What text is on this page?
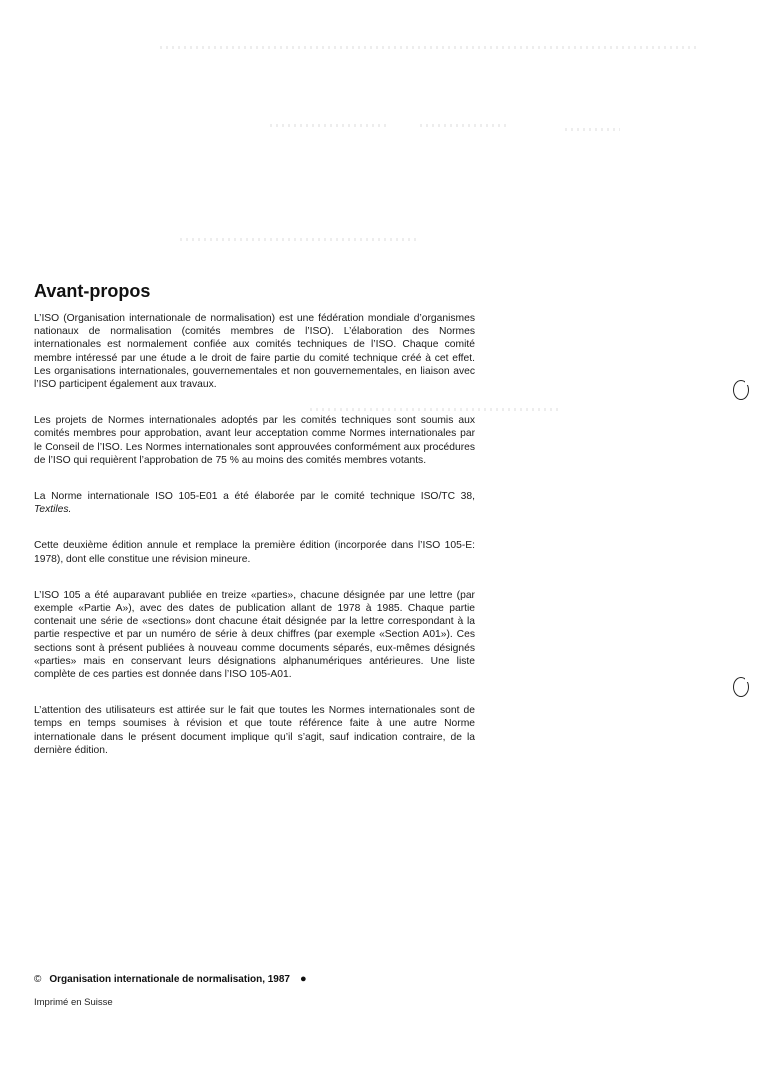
Avant-propos

L’ISO (Organisation internationale de normalisation) est une fédération mondiale d’organismes nationaux de normalisation (comités membres de l’ISO). L’élaboration des Normes internationales est normalement confiée aux comités techniques de l’ISO. Chaque comité membre intéressé par une étude a le droit de faire partie du comité technique créé à cet effet. Les organisations internationales, gouvernementales et non gouvernementales, en liaison avec l’ISO participent également aux travaux.

Les projets de Normes internationales adoptés par les comités techniques sont soumis aux comités membres pour approbation, avant leur acceptation comme Normes internationales par le Conseil de l’ISO. Les Normes internationales sont approuvées conformément aux procédures de l’ISO qui requièrent l’approbation de 75 % au moins des comités membres votants.

La Norme internationale ISO 105-E01 a été élaborée par le comité technique ISO/TC 38, Textiles.

Cette deuxième édition annule et remplace la première édition (incorporée dans l’ISO 105-E: 1978), dont elle constitue une révision mineure.

L’ISO 105 a été auparavant publiée en treize «parties», chacune désignée par une lettre (par exemple «Partie A»), avec des dates de publication allant de 1978 à 1985. Chaque partie contenait une série de «sections» dont chacune était désignée par la lettre correspondant à la partie respective et par un numéro de série à deux chiffres (par exemple «Section A01»). Ces sections sont à présent publiées à nouveau comme documents séparés, eux-mêmes désignés «parties» mais en conservant leurs désignations alphanumériques antérieures. Une liste complète de ces parties est donnée dans l’ISO 105-A01.

L’attention des utilisateurs est attirée sur le fait que toutes les Normes internationales sont de temps en temps soumises à révision et que toute référence faite à une autre Norme internationale dans le présent document implique qu’il s’agit, sauf indication contraire, de la dernière édition.

© Organisation internationale de normalisation, 1987 ●
Imprimé en Suisse
